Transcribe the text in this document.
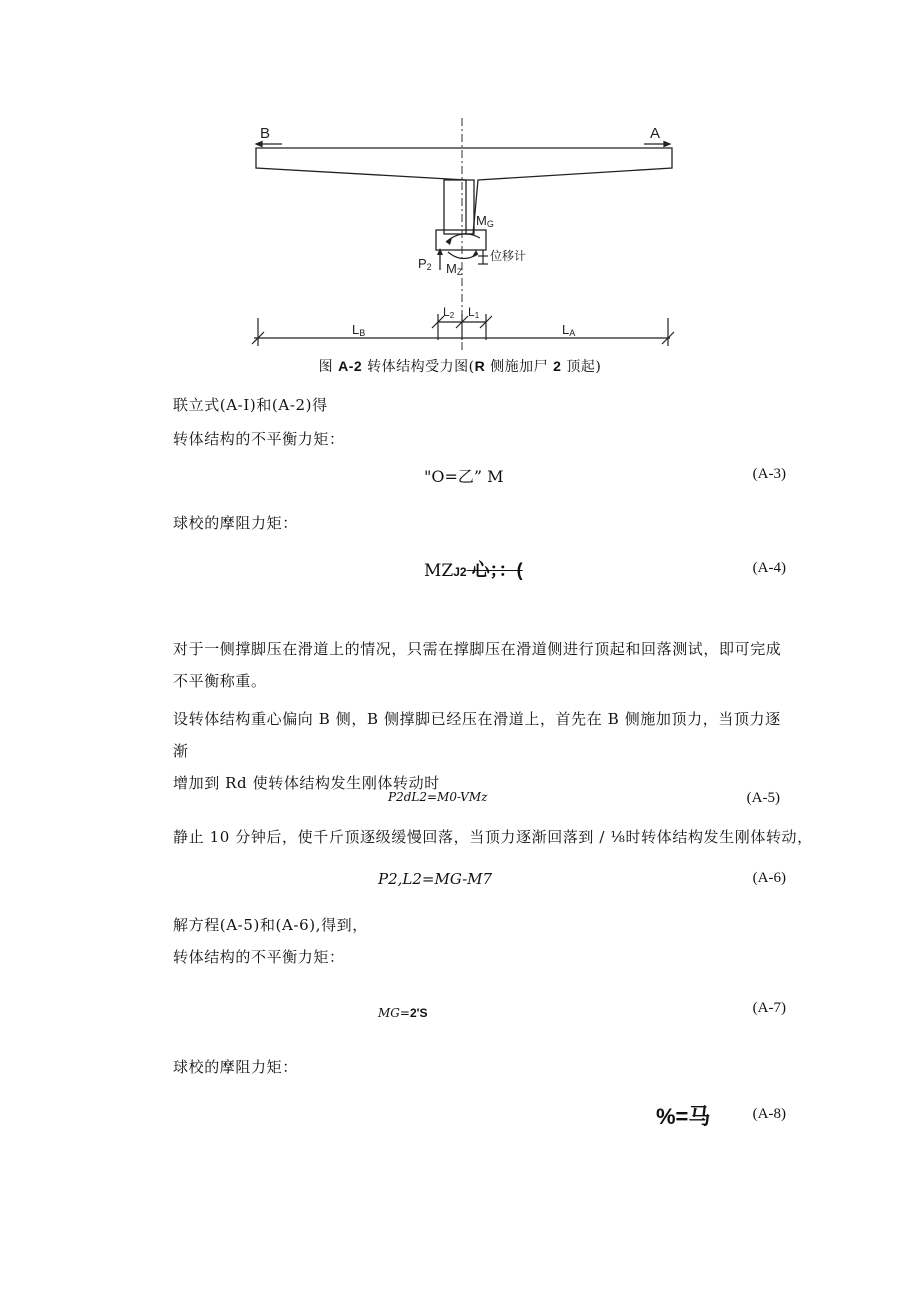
B	A
MG
P2 MZ
位移计
L2 L1
LB	LA
图 A-2 转体结构受力图(R 侧施加尸 2 顶起)
联立式(A-I)和(A-2)得
转体结构的不平衡力矩：
"O=乙” M	(A-3)
球校的摩阻力矩：
MZJ2 心；：(	(A-4)
对于一侧撑脚压在滑道上的情况，只需在撑脚压在滑道侧进行顶起和回落测试，即可完成不平衡称重。
设转体结构重心偏向 B 侧，B 侧撑脚已经压在滑道上，首先在 B 侧施加顶力，当顶力逐渐
增加到 Rd 使转体结构发生刚体转动时
P2dL2=M0-VMz	(A-5)
静止 10 分钟后，使千斤顶逐级缓慢回落，当顶力逐渐回落到 / ⅛时转体结构发生刚体转动，
P2,L2=MG-M7	(A-6)
解方程(A-5)和(A-6),得到，
转体结构的不平衡力矩：
MG=2'S	(A-7)
球校的摩阻力矩：
%=马	(A-8)
